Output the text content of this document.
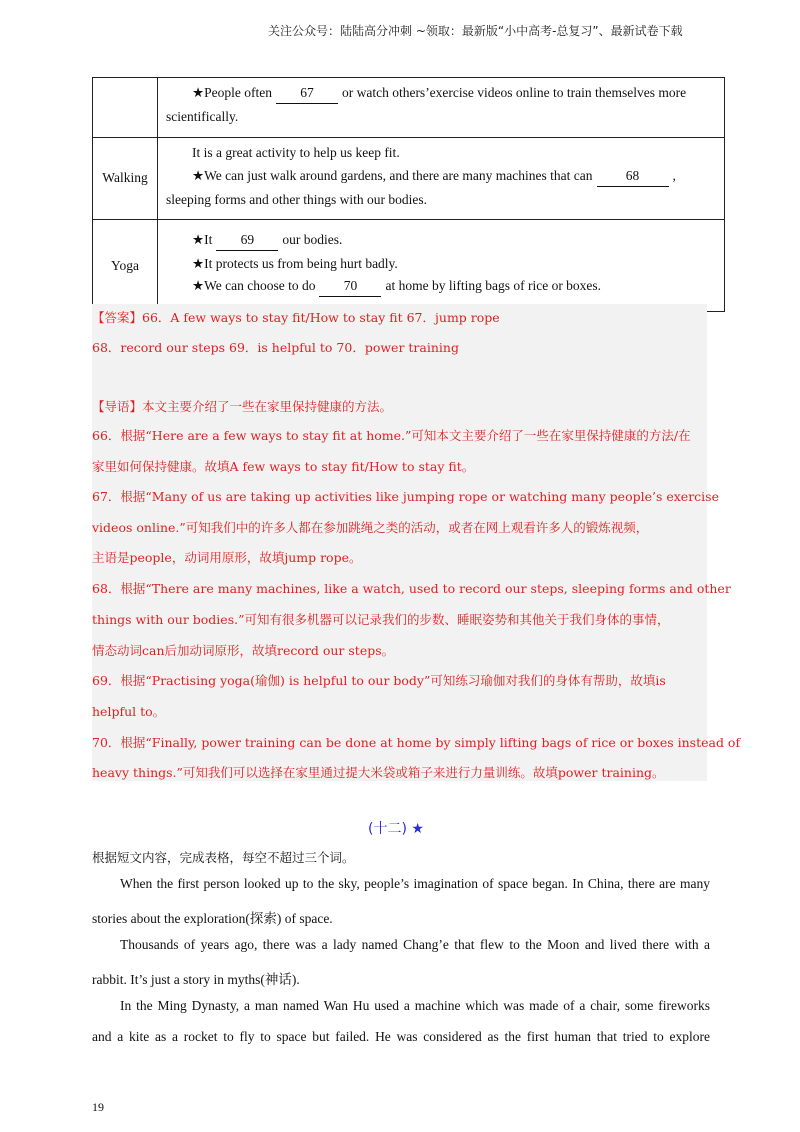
关注公众号：陆陆高分冲刺 ~领取：最新版“小中高考-总复习”、最新试卷下载

	★People often 67 or watch others’exercise videos online to train themselves more

scientifically.

Walking	It is a great activity to help us keep fit.

★We can just walk around gardens, and there are many machines that can 68 ,

sleeping forms and other things with our bodies.

Yoga	★It 69 our bodies.

★It protects us from being hurt badly.

★We can choose to do 70 at home by lifting bags of rice or boxes.

【答案】66．A few ways to stay fit/How to stay fit 67．jump rope
68．record our steps 69．is helpful to 70．power training
【导语】本文主要介绍了一些在家里保持健康的方法。
66．根据“Here are a few ways to stay fit at home.”可知本文主要介绍了一些在家里保持健康的方法/在
家里如何保持健康。故填A few ways to stay fit/How to stay fit。
67．根据“Many of us are taking up activities like jumping rope or watching many people’s exercise
videos online.”可知我们中的许多人都在参加跳绳之类的活动，或者在网上观看许多人的锻炼视频，
主语是people，动词用原形，故填jump rope。
68．根据“There are many machines, like a watch, used to record our steps, sleeping forms and other
things with our bodies.”可知有很多机器可以记录我们的步数、睡眠姿势和其他关于我们身体的事情，
情态动词can后加动词原形，故填record our steps。
69．根据“Practising yoga(瑜伽) is helpful to our body”可知练习瑜伽对我们的身体有帮助，故填is
helpful to。
70．根据“Finally, power training can be done at home by simply lifting bags of rice or boxes instead of
heavy things.”可知我们可以选择在家里通过提大米袋或箱子来进行力量训练。故填power training。
(十二) ★
根据短文内容，完成表格，每空不超过三个词。
When the first person looked up to the sky, people’s imagination of space began. In China, there are many
stories about the exploration(探索) of space.
Thousands of years ago, there was a lady named Chang’e that flew to the Moon and lived there with a
rabbit. It’s just a story in myths(神话).
In the Ming Dynasty, a man named Wan Hu used a machine which was made of a chair, some fireworks
and a kite as a rocket to fly to space but failed. He was considered as the first human that tried to explore
19
